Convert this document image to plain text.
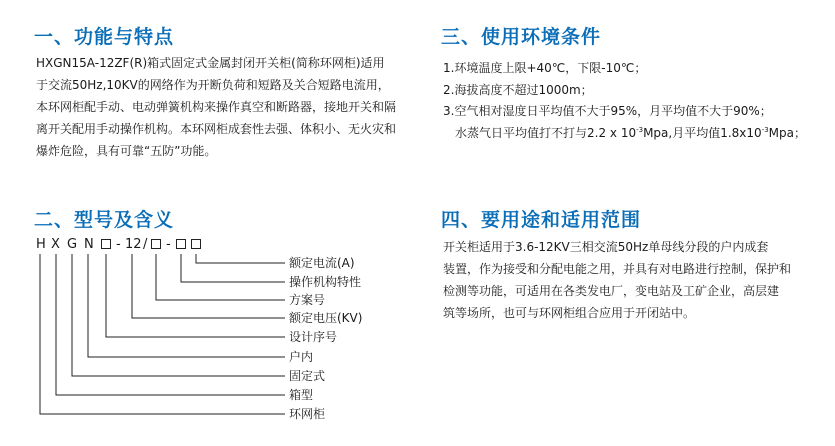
一、功能与特点

HXGN15A-12ZF(R)箱式固定式金属封闭开关柜(简称环网柜)适用

于交流50Hz,10KV的网络作为开断负荷和短路及关合短路电流用，

本环网柜配手动、电动弹簧机构来操作真空和断路器，接地开关和隔

离开关配用手动操作机构。本环网柜成套性去强、体积小、无火灾和

爆炸危险，具有可靠“五防”功能。

二、型号及含义
H X G N - 12 / -
额定电流(A)
操作机构特性
方案号
额定电压(KV)
设计序号
户内
固定式
箱型
环网柜
三、使用环境条件

1.环境温度上限+40℃，下限-10℃；

2.海拔高度不超过1000m；

3.空气相对湿度日平均值不大于95%，月平均值不大于90%；

水蒸气日平均值打不打与2.2 x $10^{-3}Mpa$,月平均值$1.8x10^{-3}Mpa$；

四、要用途和适用范围

开关柜适用于3.6-12KV三相交流50Hz单母线分段的户内成套

装置，作为接受和分配电能之用，并具有对电路进行控制，保护和

检测等功能，可适用在各类发电厂，变电站及工矿企业，高层建

筑等场所，也可与环网柜组合应用于开闭站中。
